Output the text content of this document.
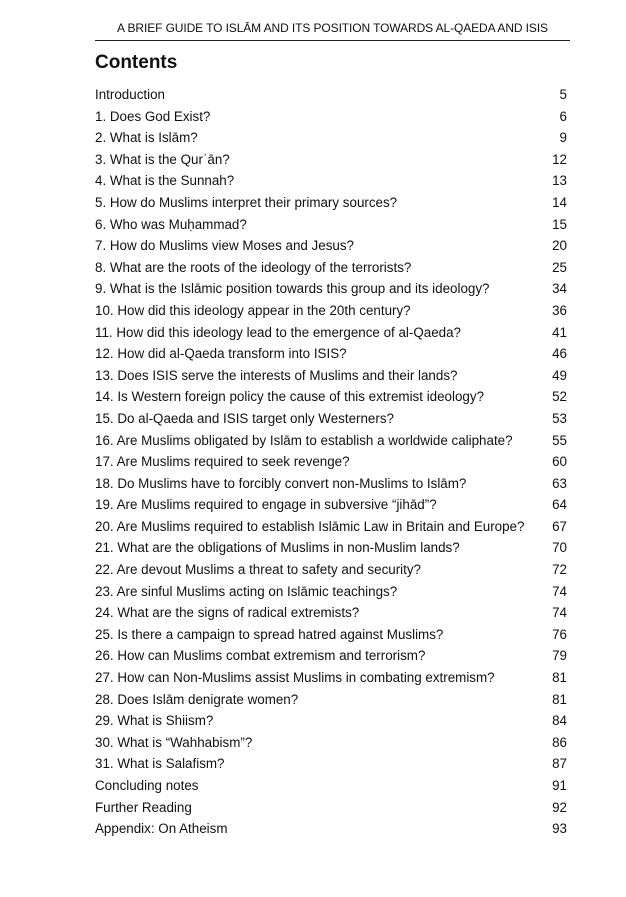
A BRIEF GUIDE TO ISLĀM AND ITS POSITION TOWARDS AL-QAEDA AND ISIS
Contents
Introduction	5
1. Does God Exist?	6
2. What is Islām?	9
3. What is the Qurʾān?	12
4. What is the Sunnah?	13
5. How do Muslims interpret their primary sources?	14
6. Who was Muḥammad?	15
7. How do Muslims view Moses and Jesus?	20
8. What are the roots of the ideology of the terrorists?	25
9. What is the Islāmic position towards this group and its ideology?	34
10. How did this ideology appear in the 20th century?	36
11. How did this ideology lead to the emergence of al-Qaeda?	41
12. How did al-Qaeda transform into ISIS?	46
13. Does ISIS serve the interests of Muslims and their lands?	49
14. Is Western foreign policy the cause of this extremist ideology?	52
15. Do al-Qaeda and ISIS target only Westerners?	53
16. Are Muslims obligated by Islām to establish a worldwide caliphate?	55
17. Are Muslims required to seek revenge?	60
18. Do Muslims have to forcibly convert non-Muslims to Islām?	63
19. Are Muslims required to engage in subversive “jihād”?	64
20. Are Muslims required to establish Islāmic Law in Britain and Europe? 67
21. What are the obligations of Muslims in non-Muslim lands?	70
22. Are devout Muslims a threat to safety and security?	72
23. Are sinful Muslims acting on Islāmic teachings?	74
24. What are the signs of radical extremists?	74
25. Is there a campaign to spread hatred against Muslims?	76
26. How can Muslims combat extremism and terrorism?	79
27. How can Non-Muslims assist Muslims in combating extremism?	81
28. Does Islām denigrate women?	81
29. What is Shiism?	84
30. What is “Wahhabism”?	86
31. What is Salafism?	87
Concluding notes	91
Further Reading	92
Appendix: On Atheism	93
